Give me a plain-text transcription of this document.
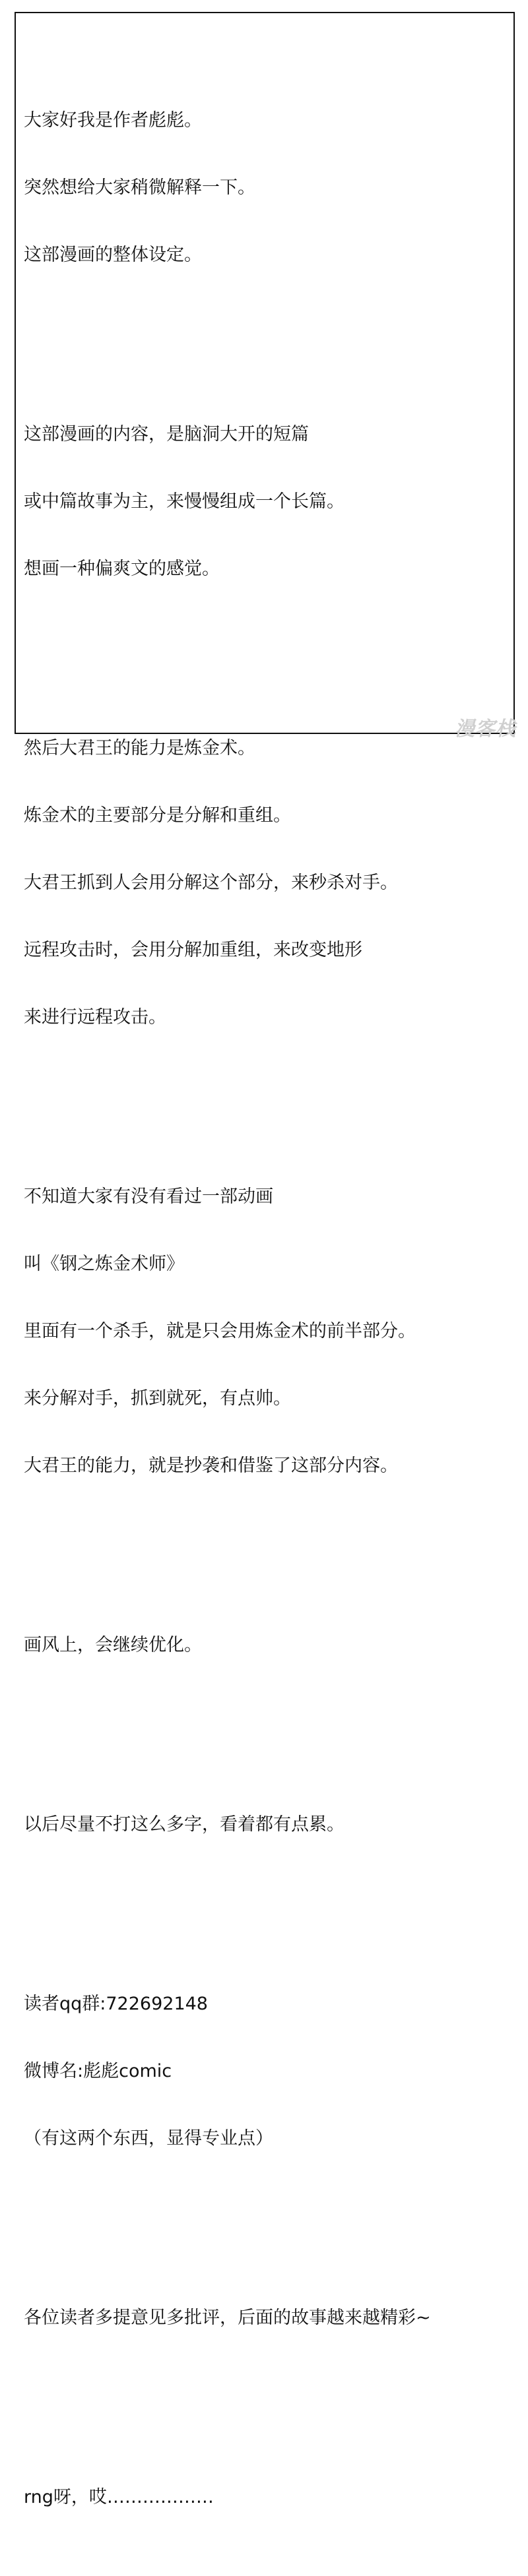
大家好我是作者彪彪。

突然想给大家稍微解释一下。

这部漫画的整体设定。

这部漫画的内容，是脑洞大开的短篇

或中篇故事为主，来慢慢组成一个长篇。

想画一种偏爽文的感觉。

然后大君王的能力是炼金术。

炼金术的主要部分是分解和重组。

大君王抓到人会用分解这个部分，来秒杀对手。

远程攻击时，会用分解加重组，来改变地形

来进行远程攻击。

不知道大家有没有看过一部动画

叫《钢之炼金术师》

里面有一个杀手，就是只会用炼金术的前半部分。

来分解对手，抓到就死，有点帅。

大君王的能力，就是抄袭和借鉴了这部分内容。

画风上，会继续优化。

以后尽量不打这么多字，看着都有点累。

读者qq群:722692148

微博名:彪彪comic

（有这两个东西，显得专业点）

各位读者多提意见多批评，后面的故事越来越精彩~

rng呀，哎………………

漫客栈
